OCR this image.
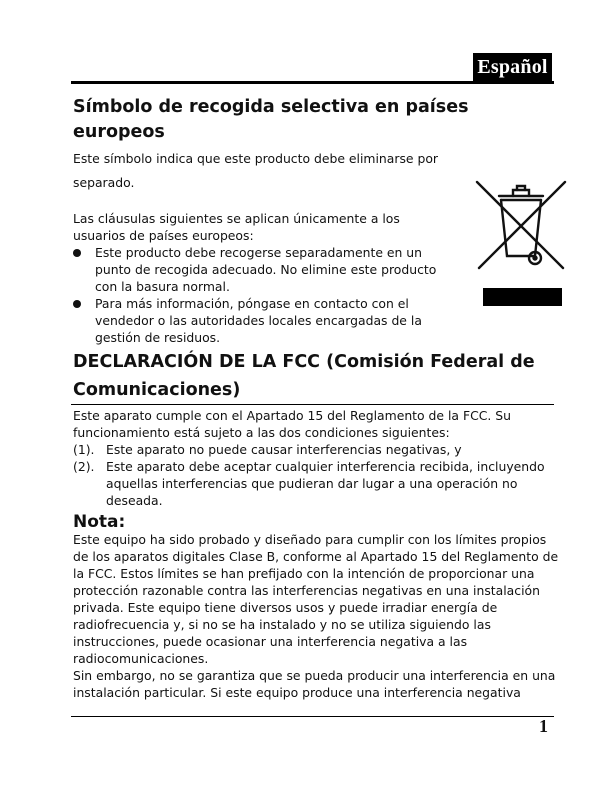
Español
Símbolo de recogida selectiva en países europeos
Este símbolo indica que este producto debe eliminarse por separado.
Las cláusulas siguientes se aplican únicamente a los usuarios de países europeos:
Este producto debe recogerse separadamente en un punto de recogida adecuado. No elimine este producto con la basura normal.
Para más información, póngase en contacto con el vendedor o las autoridades locales encargadas de la gestión de residuos.
DECLARACIÓN DE LA FCC (Comisión Federal de Comunicaciones)
Este aparato cumple con el Apartado 15 del Reglamento de la FCC. Su funcionamiento está sujeto a las dos condiciones siguientes:
(1). Este aparato no puede causar interferencias negativas, y
(2). Este aparato debe aceptar cualquier interferencia recibida, incluyendo aquellas interferencias que pudieran dar lugar a una operación no deseada.
Nota:
Este equipo ha sido probado y diseñado para cumplir con los límites propios de los aparatos digitales Clase B, conforme al Apartado 15 del Reglamento de la FCC. Estos límites se han prefijado con la intención de proporcionar una protección razonable contra las interferencias negativas en una instalación privada. Este equipo tiene diversos usos y puede irradiar energía de radiofrecuencia y, si no se ha instalado y no se utiliza siguiendo las instrucciones, puede ocasionar una interferencia negativa a las radiocomunicaciones.
Sin embargo, no se garantiza que se pueda producir una interferencia en una instalación particular. Si este equipo produce una interferencia negativa
1
